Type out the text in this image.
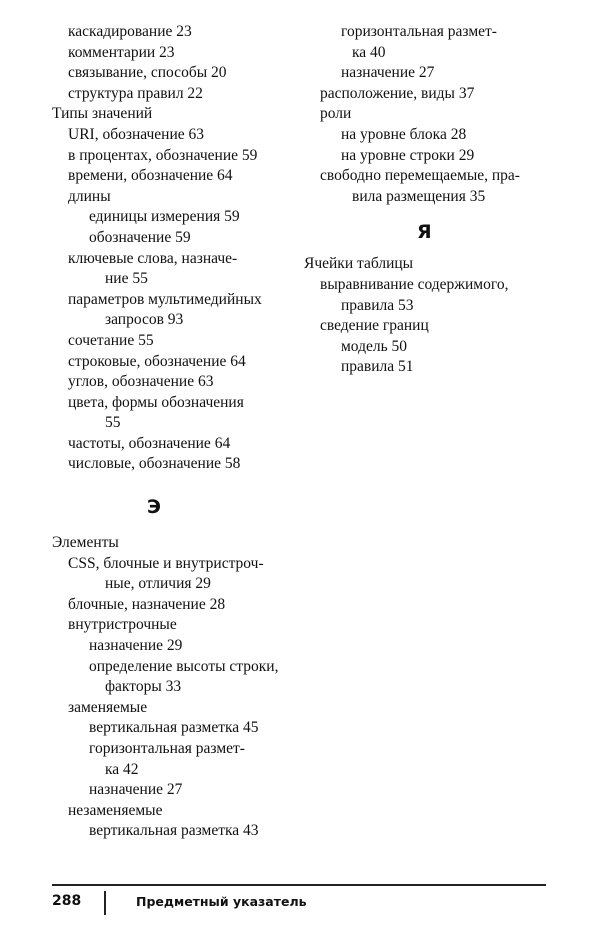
каскадирование 23
комментарии 23
связывание, способы 20
структура правил 22
Типы значений
URI, обозначение 63
в процентах, обозначение 59
времени, обозначение 64
длины
единицы измерения 59
обозначение 59
ключевые слова, назначе-
ние 55
параметров мультимедийных
запросов 93
сочетание 55
строковые, обозначение 64
углов, обозначение 63
цвета, формы обозначения
55
частоты, обозначение 64
числовые, обозначение 58
Э
Элементы
CSS, блочные и внутристроч-
ные, отличия 29
блочные, назначение 28
внутристрочные
назначение 29
определение высоты строки,
факторы 33
заменяемые
вертикальная разметка 45
горизонтальная размет-
ка 42
назначение 27
незаменяемые
вертикальная разметка 43
горизонтальная размет-
ка 40
назначение 27
расположение, виды 37
роли
на уровне блока 28
на уровне строки 29
свободно перемещаемые, пра-
вила размещения 35
Я
Ячейки таблицы
выравнивание содержимого,
правила 53
сведение границ
модель 50
правила 51
288	Предметный указатель
